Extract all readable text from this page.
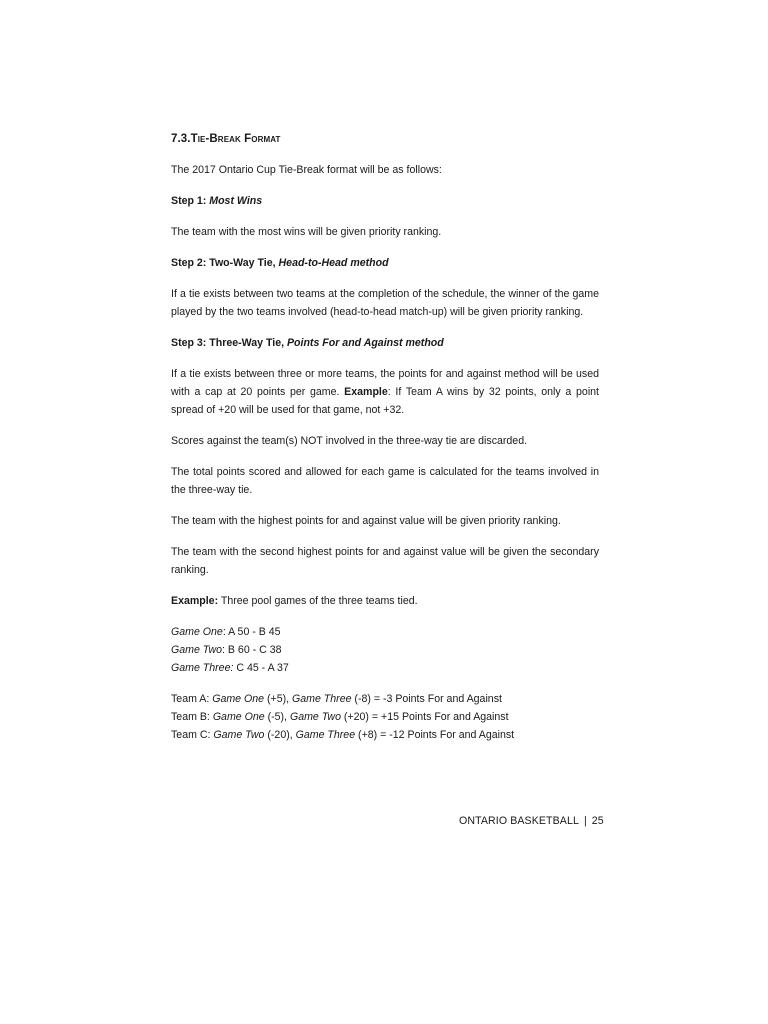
7.3.Tie-Break Format

The 2017 Ontario Cup Tie-Break format will be as follows:

Step 1: Most Wins

The team with the most wins will be given priority ranking.

Step 2: Two-Way Tie, Head-to-Head method

If a tie exists between two teams at the completion of the schedule, the winner of the game played by the two teams involved (head-to-head match-up) will be given priority ranking.

Step 3: Three-Way Tie, Points For and Against method

If a tie exists between three or more teams, the points for and against method will be used with a cap at 20 points per game. Example: If Team A wins by 32 points, only a point spread of +20 will be used for that game, not +32.

Scores against the team(s) NOT involved in the three-way tie are discarded.

The total points scored and allowed for each game is calculated for the teams involved in the three-way tie.

The team with the highest points for and against value will be given priority ranking.

The team with the second highest points for and against value will be given the secondary ranking.

Example: Three pool games of the three teams tied.

Game One: A 50 - B 45
Game Two: B 60 - C 38
Game Three: C 45 - A 37
Team A: Game One (+5), Game Three (-8) = -3 Points For and Against
Team B: Game One (-5), Game Two (+20) = +15 Points For and Against
Team C: Game Two (-20), Game Three (+8) = -12 Points For and Against
ONTARIO BASKETBALL | 25
